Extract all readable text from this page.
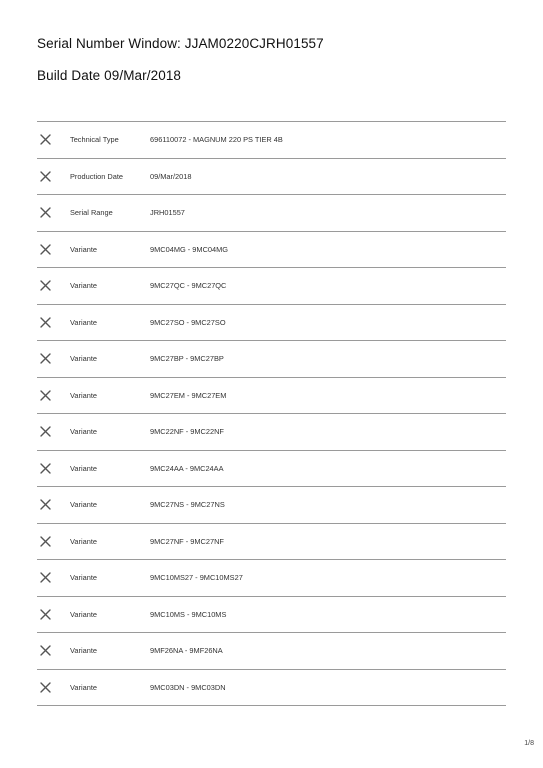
Serial Number Window: JJAM0220CJRH01557
Build Date 09/Mar/2018
Technical Type	696110072 - MAGNUM 220 PS TIER 4B
Production Date	09/Mar/2018
Serial Range	JRH01557
Variante	9MC04MG - 9MC04MG
Variante	9MC27QC - 9MC27QC
Variante	9MC27SO - 9MC27SO
Variante	9MC27BP - 9MC27BP
Variante	9MC27EM - 9MC27EM
Variante	9MC22NF - 9MC22NF
Variante	9MC24AA - 9MC24AA
Variante	9MC27NS - 9MC27NS
Variante	9MC27NF - 9MC27NF
Variante	9MC10MS27 - 9MC10MS27
Variante	9MC10MS - 9MC10MS
Variante	9MF26NA - 9MF26NA
Variante	9MC03DN - 9MC03DN
1/8
